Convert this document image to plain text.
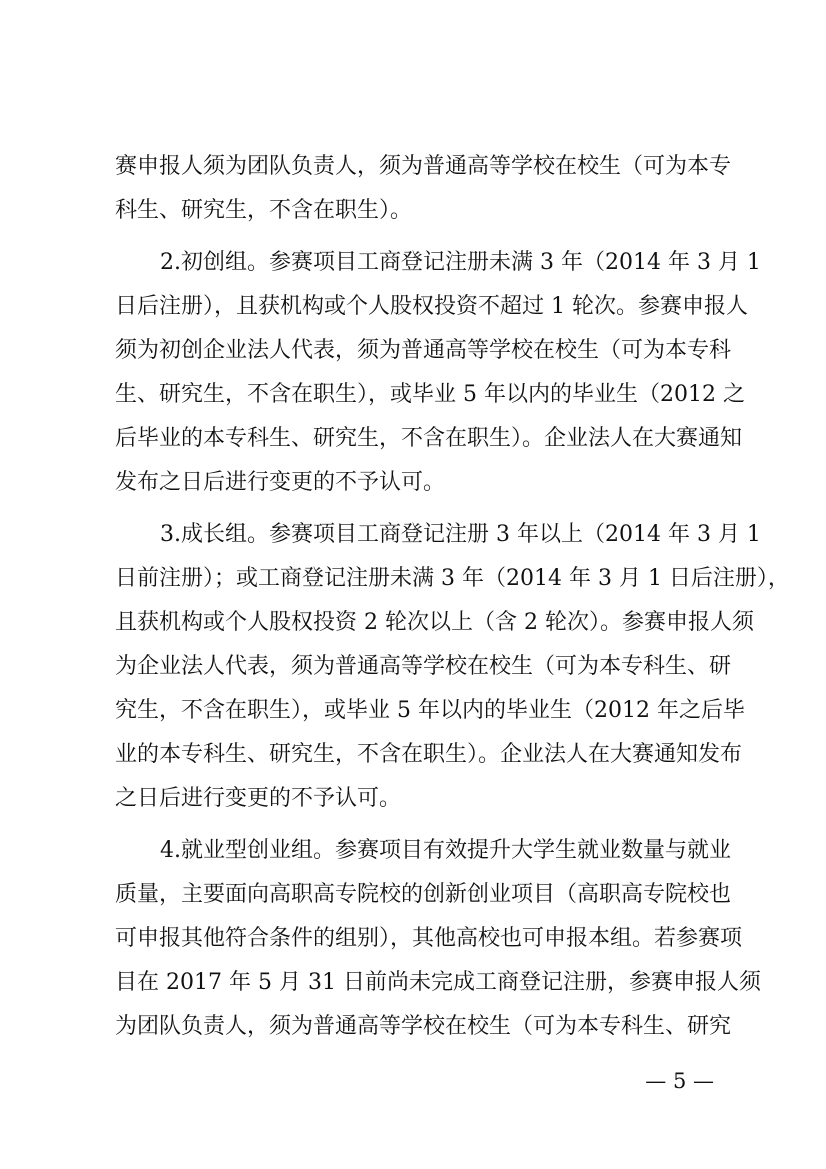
赛申报人须为团队负责人，须为普通高等学校在校生（可为本专
科生、研究生，不含在职生）。
2.初创组。参赛项目工商登记注册未满 3 年（2014 年 3 月 1
日后注册），且获机构或个人股权投资不超过 1 轮次。参赛申报人
须为初创企业法人代表，须为普通高等学校在校生（可为本专科
生、研究生，不含在职生），或毕业 5 年以内的毕业生（2012 之
后毕业的本专科生、研究生，不含在职生）。企业法人在大赛通知
发布之日后进行变更的不予认可。
3.成长组。参赛项目工商登记注册 3 年以上（2014 年 3 月 1
日前注册）；或工商登记注册未满 3 年（2014 年 3 月 1 日后注册），
且获机构或个人股权投资 2 轮次以上（含 2 轮次）。参赛申报人须
为企业法人代表，须为普通高等学校在校生（可为本专科生、研
究生，不含在职生），或毕业 5 年以内的毕业生（2012 年之后毕
业的本专科生、研究生，不含在职生）。企业法人在大赛通知发布
之日后进行变更的不予认可。
4.就业型创业组。参赛项目有效提升大学生就业数量与就业
质量，主要面向高职高专院校的创新创业项目（高职高专院校也
可申报其他符合条件的组别），其他高校也可申报本组。若参赛项
目在 2017 年 5 月 31 日前尚未完成工商登记注册，参赛申报人须
为团队负责人，须为普通高等学校在校生（可为本专科生、研究
— 5 —
